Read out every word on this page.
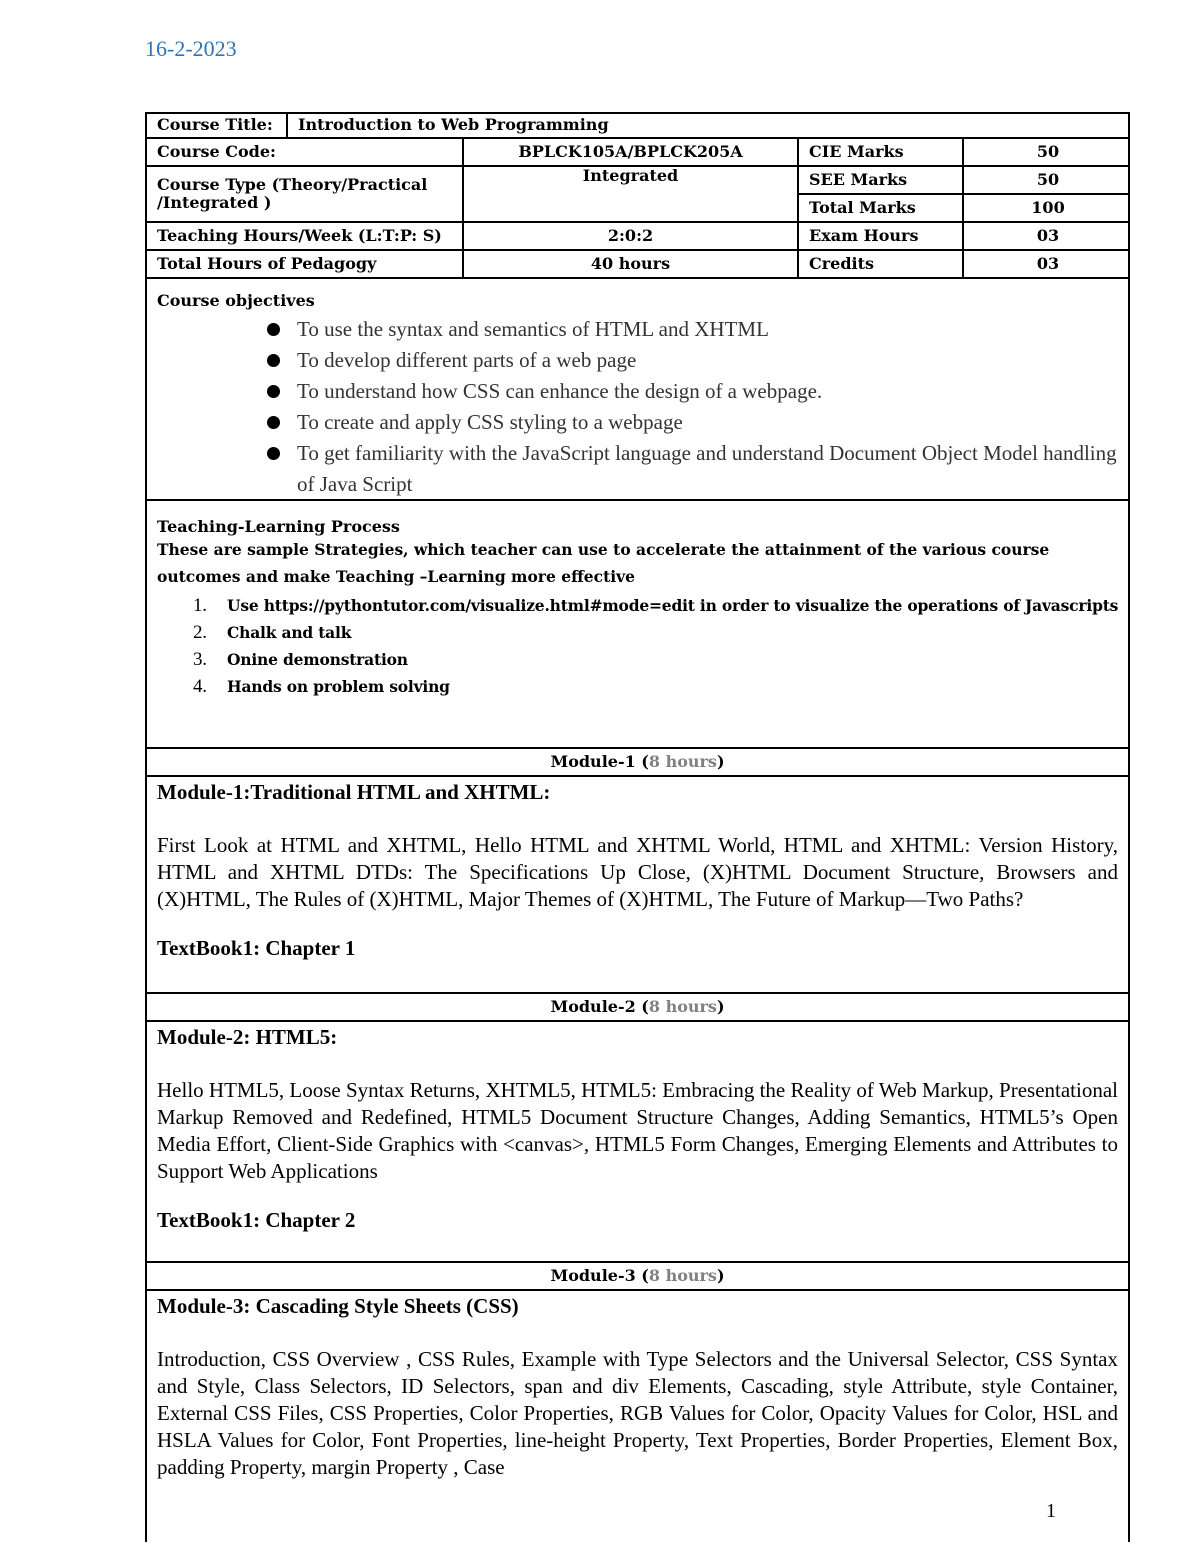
16-2-2023
Course Title:	Introduction to Web Programming			
Course Code:		BPLCK105A/BPLCK205A	CIE Marks	50
Course Type (Theory/Practical /Integrated )		Integrated	SEE Marks	50
			Total Marks	100
Teaching Hours/Week (L:T:P: S)		2:0:2	Exam Hours	03
Total Hours of Pedagogy		40 hours	Credits	03
Course objectives
To use the syntax and semantics of HTML and XHTML
To develop different parts of a web page
To understand how CSS can enhance the design of a webpage.
To create and apply CSS styling to a webpage
To get familiarity with the JavaScript language and understand Document Object Model handling of Java Script
Teaching-Learning Process
These are sample Strategies, which teacher can use to accelerate the attainment of the various course outcomes and make Teaching –Learning more effective
1. Use https://pythontutor.com/visualize.html#mode=edit in order to visualize the operations of Javascripts
2. Chalk and talk
3. Onine demonstration
4. Hands on problem solving
Module-1 (8 hours)

Module-1:Traditional HTML and XHTML:

First Look at HTML and XHTML, Hello HTML and XHTML World, HTML and XHTML: Version History, HTML and XHTML DTDs: The Specifications Up Close, (X)HTML Document Structure, Browsers and (X)HTML, The Rules of (X)HTML, Major Themes of (X)HTML, The Future of Markup—Two Paths?

TextBook1: Chapter 1

Module-2 (8 hours)

Module-2: HTML5:

Hello HTML5, Loose Syntax Returns, XHTML5, HTML5: Embracing the Reality of Web Markup, Presentational Markup Removed and Redefined, HTML5 Document Structure Changes, Adding Semantics, HTML5’s Open Media Effort, Client-Side Graphics with <canvas>, HTML5 Form Changes, Emerging Elements and Attributes to Support Web Applications

TextBook1: Chapter 2

Module-3 (8 hours)

Module-3: Cascading Style Sheets (CSS)

Introduction, CSS Overview , CSS Rules, Example with Type Selectors and the Universal Selector, CSS Syntax and Style, Class Selectors, ID Selectors, span and div Elements, Cascading, style Attribute, style Container, External CSS Files, CSS Properties, Color Properties, RGB Values for Color, Opacity Values for Color, HSL and HSLA Values for Color, Font Properties, line-height Property, Text Properties, Border Properties, Element Box, padding Property, margin Property , Case

1
